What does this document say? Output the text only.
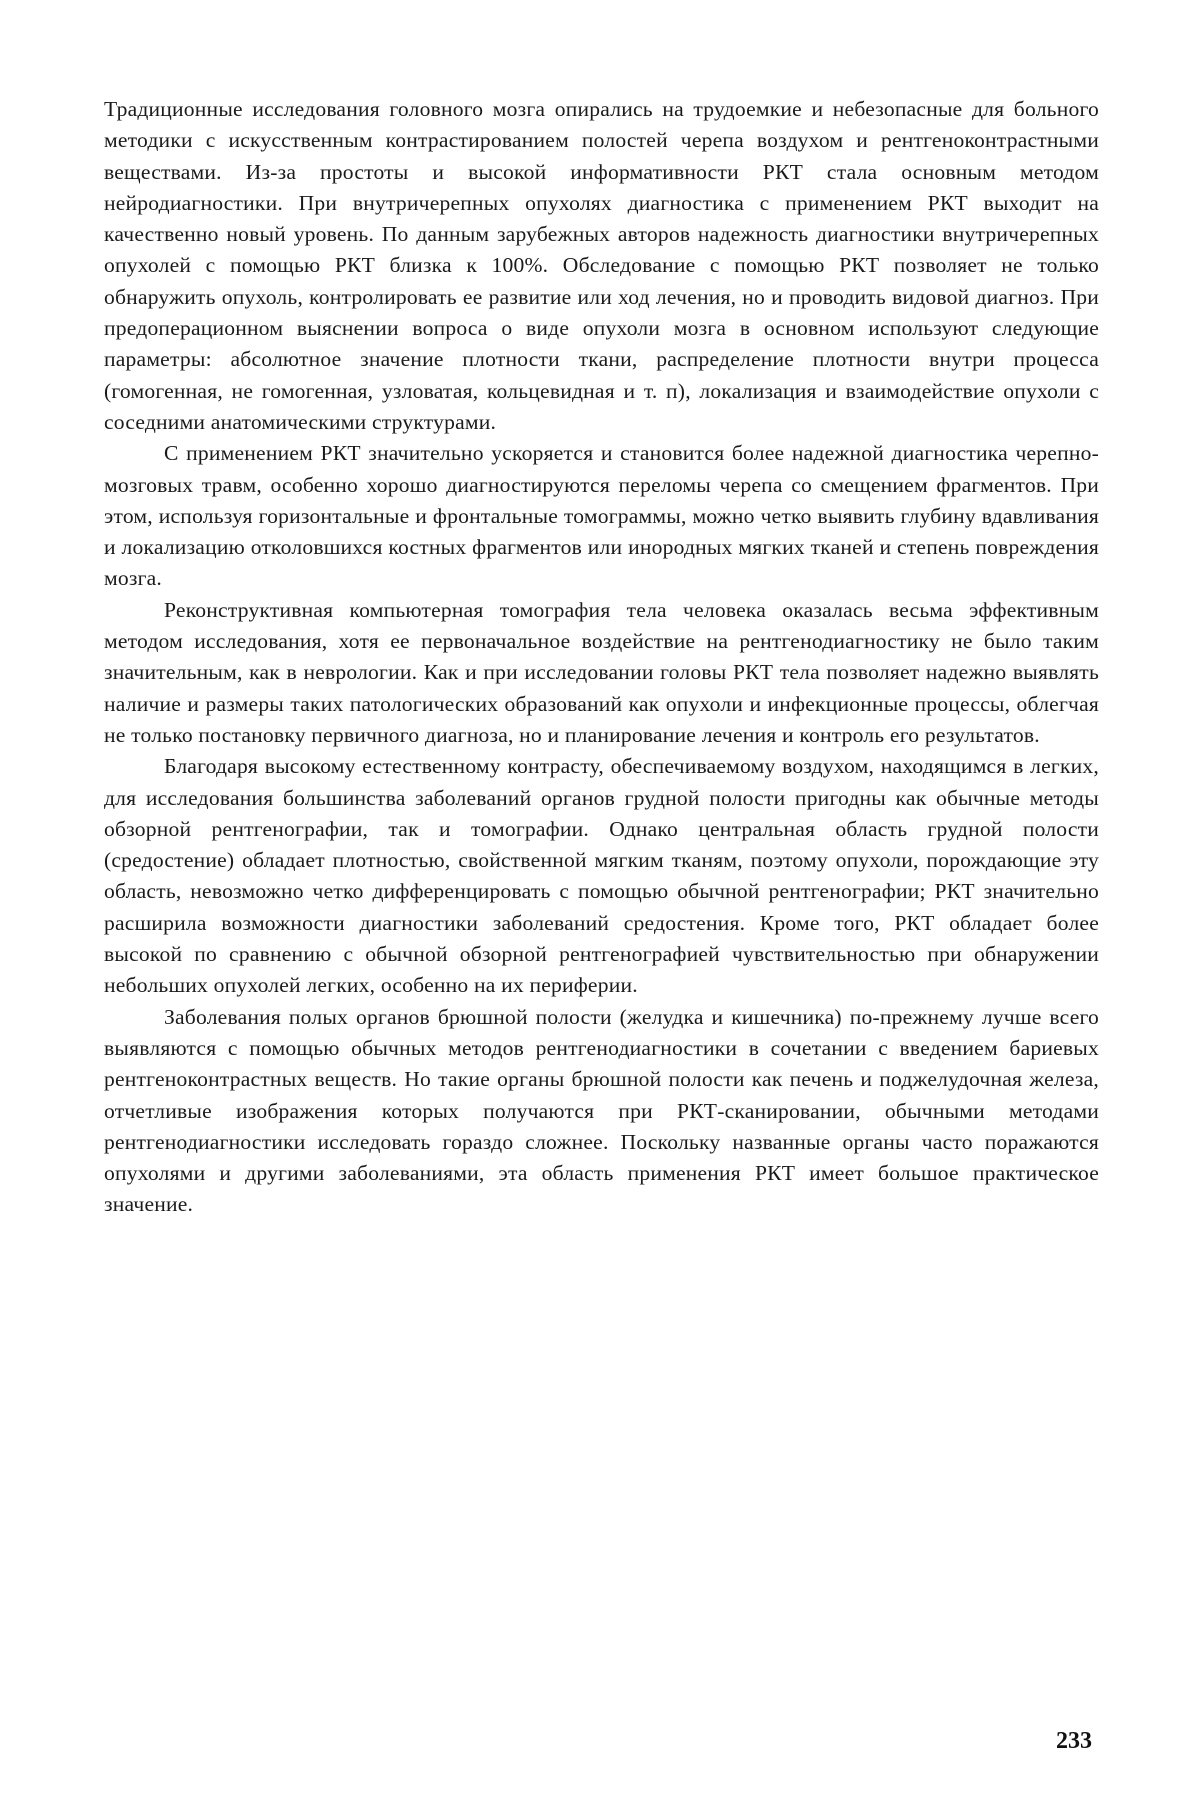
Традиционные исследования головного мозга опирались на трудоемкие и небезопасные для больного методики с искусственным контрастированием полостей черепа воздухом и рентгеноконтрастными веществами. Из-за простоты и высокой информативности РКТ стала основным методом нейродиагностики. При внутричерепных опухолях диагностика с применением РКТ выходит на качественно новый уровень. По данным зарубежных авторов надежность диагностики внутричерепных опухолей с помощью РКТ близка к 100%. Обследование с помощью РКТ позволяет не только обнаружить опухоль, контролировать ее развитие или ход лечения, но и проводить видовой диагноз. При предоперационном выяснении вопроса о виде опухоли мозга в основном используют следующие параметры: абсолютное значение плотности ткани, распределение плотности внутри процесса (гомогенная, не гомогенная, узловатая, кольцевидная и т. п), локализация и взаимодействие опухоли с соседними анатомическими структурами.

С применением РКТ значительно ускоряется и становится более надежной диагностика черепно-мозговых травм, особенно хорошо диагностируются переломы черепа со смещением фрагментов. При этом, используя горизонтальные и фронтальные томограммы, можно четко выявить глубину вдавливания и локализацию отколовшихся костных фрагментов или инородных мягких тканей и степень повреждения мозга.

Реконструктивная компьютерная томография тела человека оказалась весьма эффективным методом исследования, хотя ее первоначальное воздействие на рентгенодиагностику не было таким значительным, как в неврологии. Как и при исследовании головы РКТ тела позволяет надежно выявлять наличие и размеры таких патологических образований как опухоли и инфекционные процессы, облегчая не только постановку первичного диагноза, но и планирование лечения и контроль его результатов.

Благодаря высокому естественному контрасту, обеспечиваемому воздухом, находящимся в легких, для исследования большинства заболеваний органов грудной полости пригодны как обычные методы обзорной рентгенографии, так и томографии. Однако центральная область грудной полости (средостение) обладает плотностью, свойственной мягким тканям, поэтому опухоли, порождающие эту область, невозможно четко дифференцировать с помощью обычной рентгенографии; РКТ значительно расширила возможности диагностики заболеваний средостения. Кроме того, РКТ обладает более высокой по сравнению с обычной обзорной рентгенографией чувствительностью при обнаружении небольших опухолей легких, особенно на их периферии.

Заболевания полых органов брюшной полости (желудка и кишечника) по-прежнему лучше всего выявляются с помощью обычных методов рентгенодиагностики в сочетании с введением бариевых рентгеноконтрастных веществ. Но такие органы брюшной полости как печень и поджелудочная железа, отчетливые изображения которых получаются при РКТ-сканировании, обычными методами рентгенодиагностики исследовать гораздо сложнее. Поскольку названные органы часто поражаются опухолями и другими заболеваниями, эта область применения РКТ имеет большое практическое значение.

233
